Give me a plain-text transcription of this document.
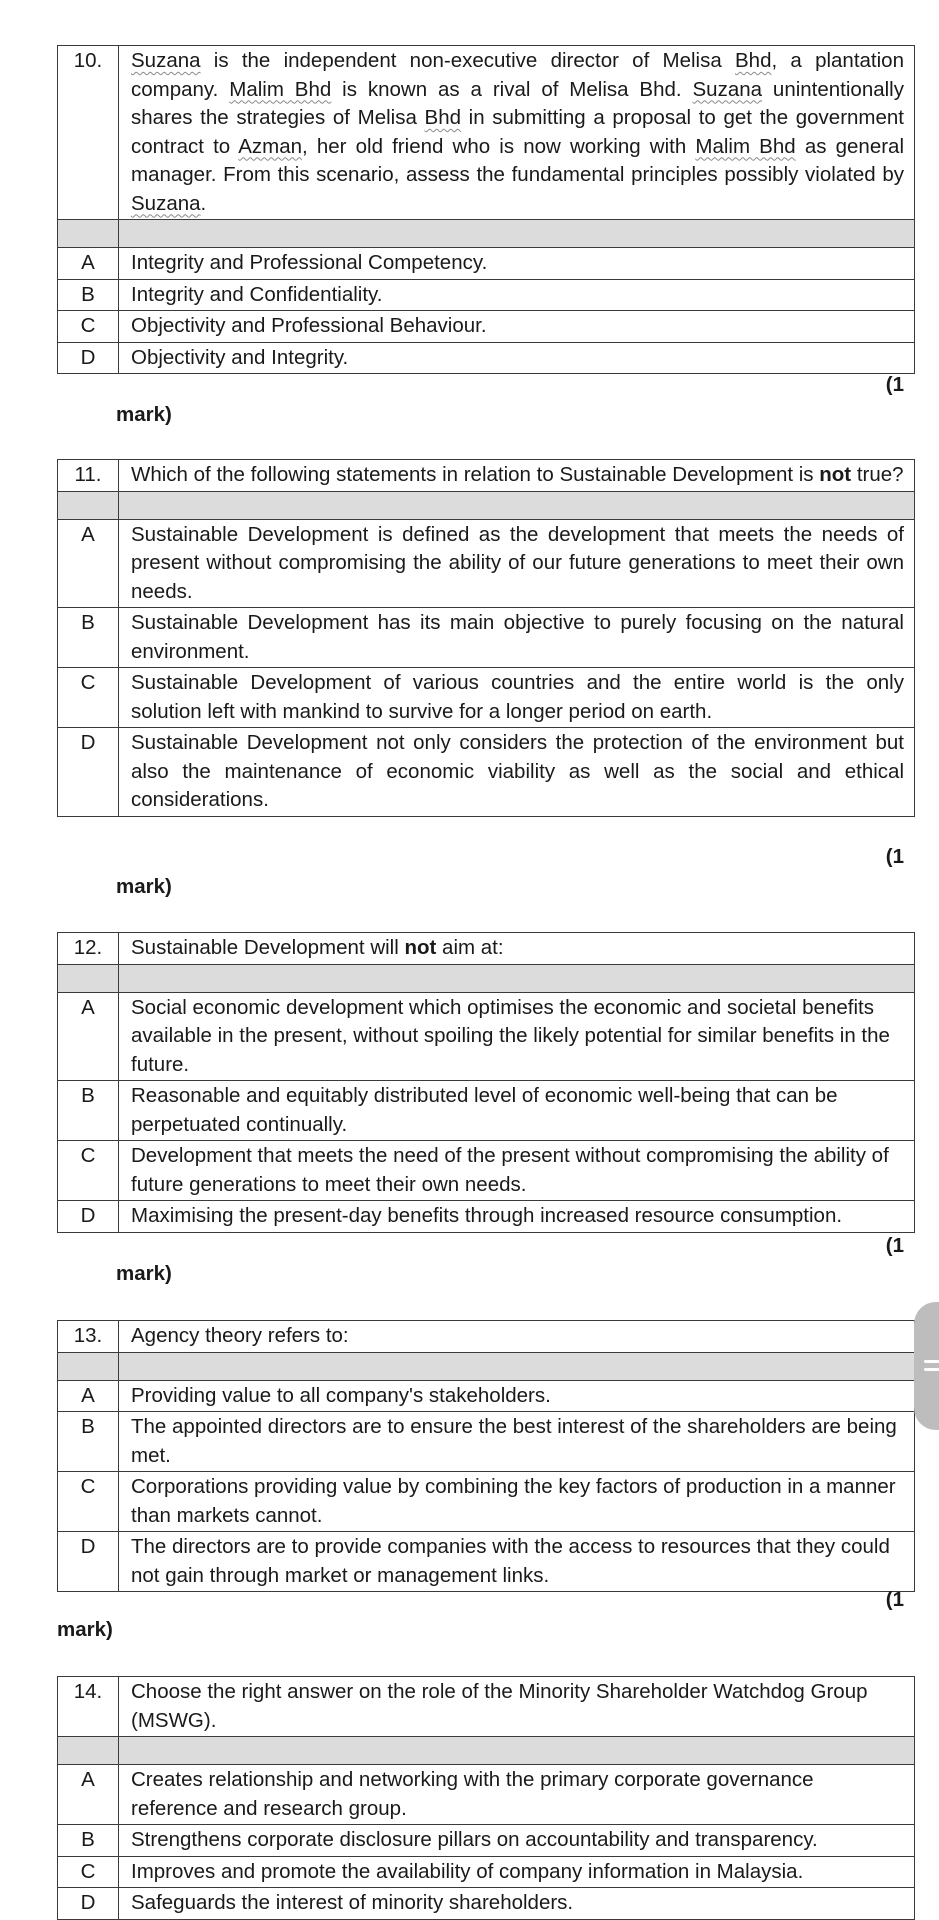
10.	Suzana is the independent non-executive director of Melisa Bhd, a plantation company. Malim Bhd is known as a rival of Melisa Bhd. Suzana unintentionally shares the strategies of Melisa Bhd in submitting a proposal to get the government contract to Azman, her old friend who is now working with Malim Bhd as general manager. From this scenario, assess the fundamental principles possibly violated by Suzana.

A	Integrity and Professional Competency.
B	Integrity and Confidentiality.
C	Objectivity and Professional Behaviour.
D	Objectivity and Integrity.
(1
mark)
11.	Which of the following statements in relation to Sustainable Development is not true?

A	Sustainable Development is defined as the development that meets the needs of present without compromising the ability of our future generations to meet their own needs.
B	Sustainable Development has its main objective to purely focusing on the natural environment.
C	Sustainable Development of various countries and the entire world is the only solution left with mankind to survive for a longer period on earth.
D	Sustainable Development not only considers the protection of the environment but also the maintenance of economic viability as well as the social and ethical considerations.
(1
mark)
12.	Sustainable Development will not aim at:

A	Social economic development which optimises the economic and societal benefits available in the present, without spoiling the likely potential for similar benefits in the future.
B	Reasonable and equitably distributed level of economic well-being that can be perpetuated continually.
C	Development that meets the need of the present without compromising the ability of future generations to meet their own needs.
D	Maximising the present-day benefits through increased resource consumption.
(1
mark)
13.	Agency theory refers to:

A	Providing value to all company's stakeholders.
B	The appointed directors are to ensure the best interest of the shareholders are being met.
C	Corporations providing value by combining the key factors of production in a manner than markets cannot.
D	The directors are to provide companies with the access to resources that they could not gain through market or management links.
(1
mark)
14.	Choose the right answer on the role of the Minority Shareholder Watchdog Group (MSWG).

A	Creates relationship and networking with the primary corporate governance reference and research group.
B	Strengthens corporate disclosure pillars on accountability and transparency.
C	Improves and promote the availability of company information in Malaysia.
D	Safeguards the interest of minority shareholders.
